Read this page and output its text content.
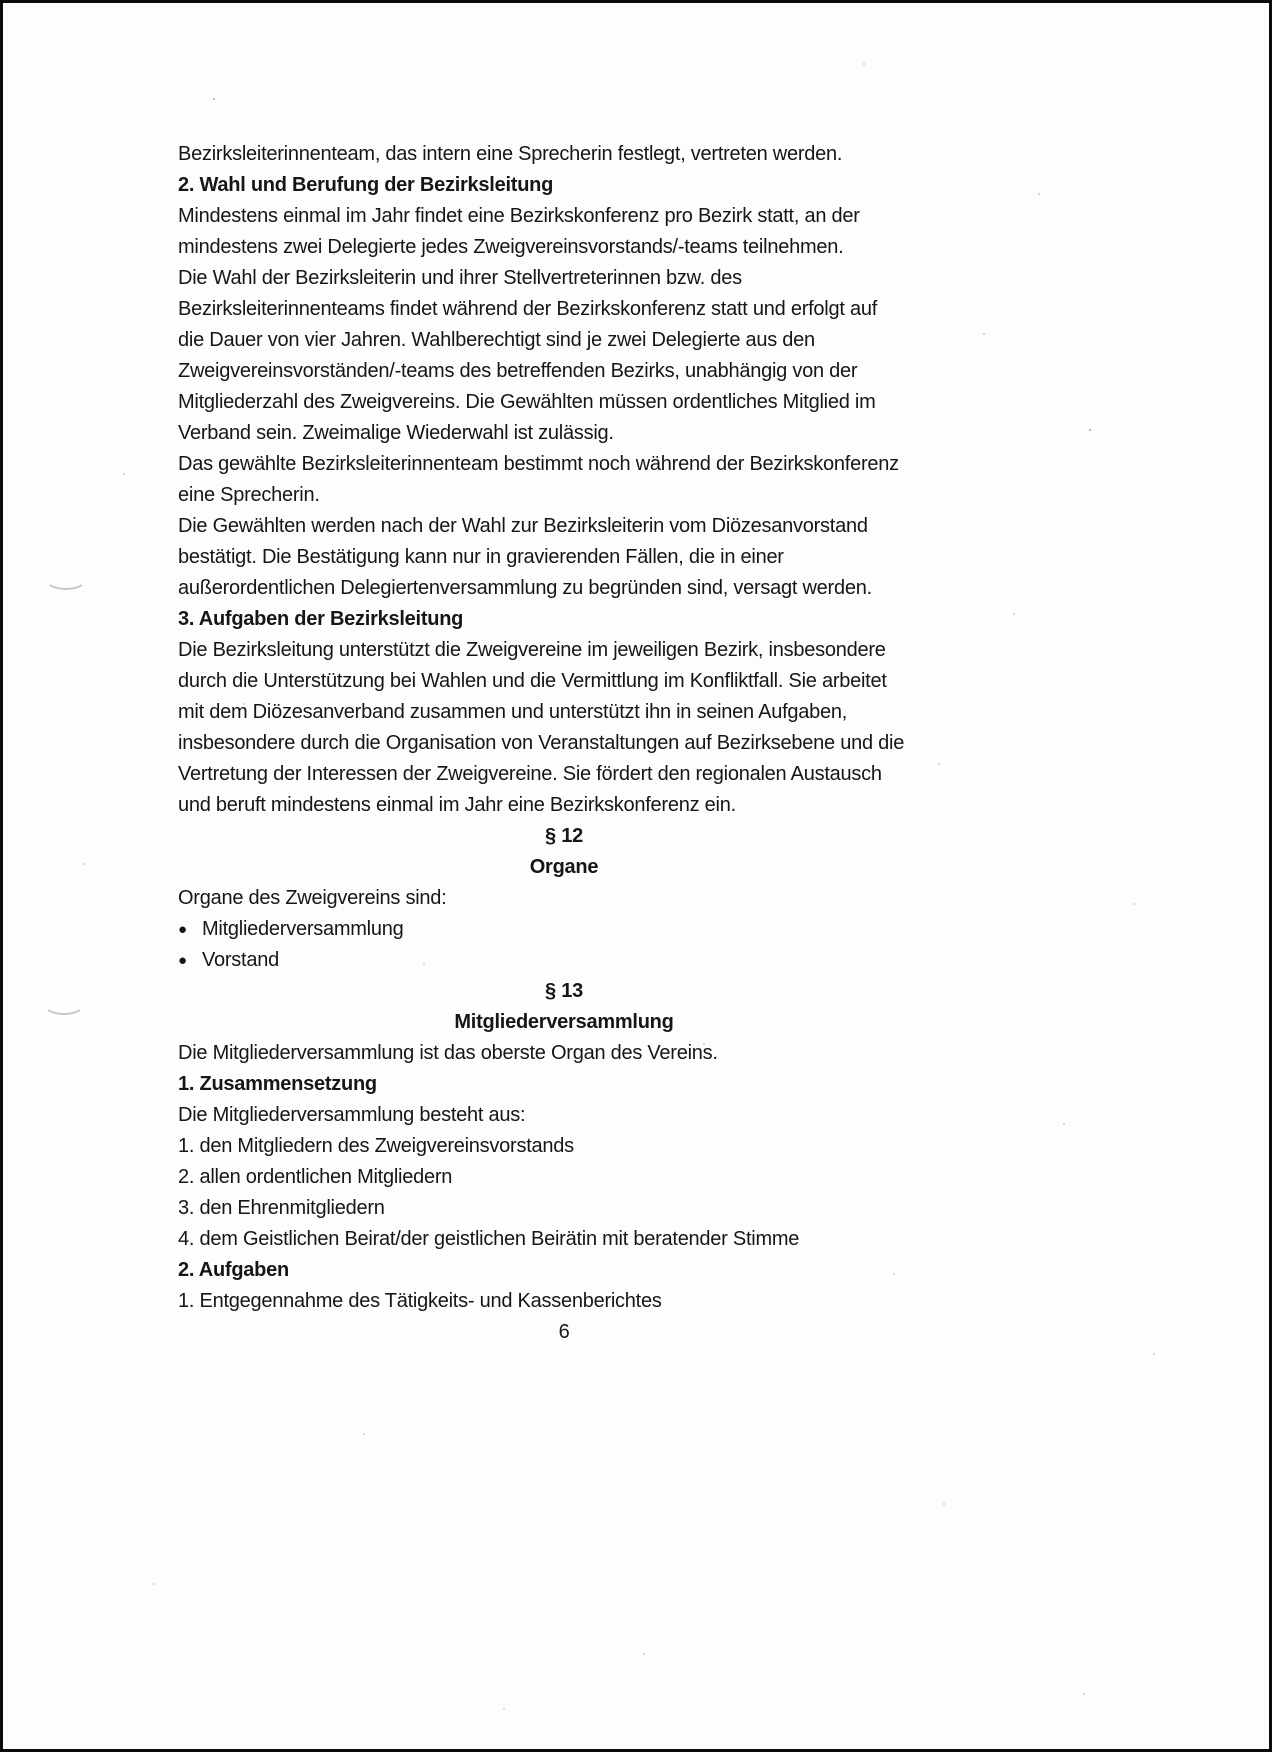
Bezirksleiterinnenteam, das intern eine Sprecherin festlegt, vertreten werden.

2. Wahl und Berufung der Bezirksleitung

Mindestens einmal im Jahr findet eine Bezirkskonferenz pro Bezirk statt, an der

mindestens zwei Delegierte jedes Zweigvereinsvorstands/-teams teilnehmen.

Die Wahl der Bezirksleiterin und ihrer Stellvertreterinnen bzw. des

Bezirksleiterinnenteams findet während der Bezirkskonferenz statt und erfolgt auf

die Dauer von vier Jahren. Wahlberechtigt sind je zwei Delegierte aus den

Zweigvereinsvorständen/-teams des betreffenden Bezirks, unabhängig von der

Mitgliederzahl des Zweigvereins. Die Gewählten müssen ordentliches Mitglied im

Verband sein. Zweimalige Wiederwahl ist zulässig.

Das gewählte Bezirksleiterinnenteam bestimmt noch während der Bezirkskonferenz

eine Sprecherin.

Die Gewählten werden nach der Wahl zur Bezirksleiterin vom Diözesanvorstand

bestätigt. Die Bestätigung kann nur in gravierenden Fällen, die in einer

außerordentlichen Delegiertenversammlung zu begründen sind, versagt werden.

3. Aufgaben der Bezirksleitung

Die Bezirksleitung unterstützt die Zweigvereine im jeweiligen Bezirk, insbesondere

durch die Unterstützung bei Wahlen und die Vermittlung im Konfliktfall. Sie arbeitet

mit dem Diözesanverband zusammen und unterstützt ihn in seinen Aufgaben,

insbesondere durch die Organisation von Veranstaltungen auf Bezirksebene und die

Vertretung der Interessen der Zweigvereine. Sie fördert den regionalen Austausch

und beruft mindestens einmal im Jahr eine Bezirkskonferenz ein.

§ 12
Organe

Organe des Zweigvereins sind:

● Mitgliederversammlung
● Vorstand
§ 13
Mitgliederversammlung

Die Mitgliederversammlung ist das oberste Organ des Vereins.

1. Zusammensetzung

Die Mitgliederversammlung besteht aus:

1. den Mitgliedern des Zweigvereinsvorstands

2. allen ordentlichen Mitgliedern

3. den Ehrenmitgliedern

4. dem Geistlichen Beirat/der geistlichen Beirätin mit beratender Stimme

2. Aufgaben

1. Entgegennahme des Tätigkeits- und Kassenberichtes

6
